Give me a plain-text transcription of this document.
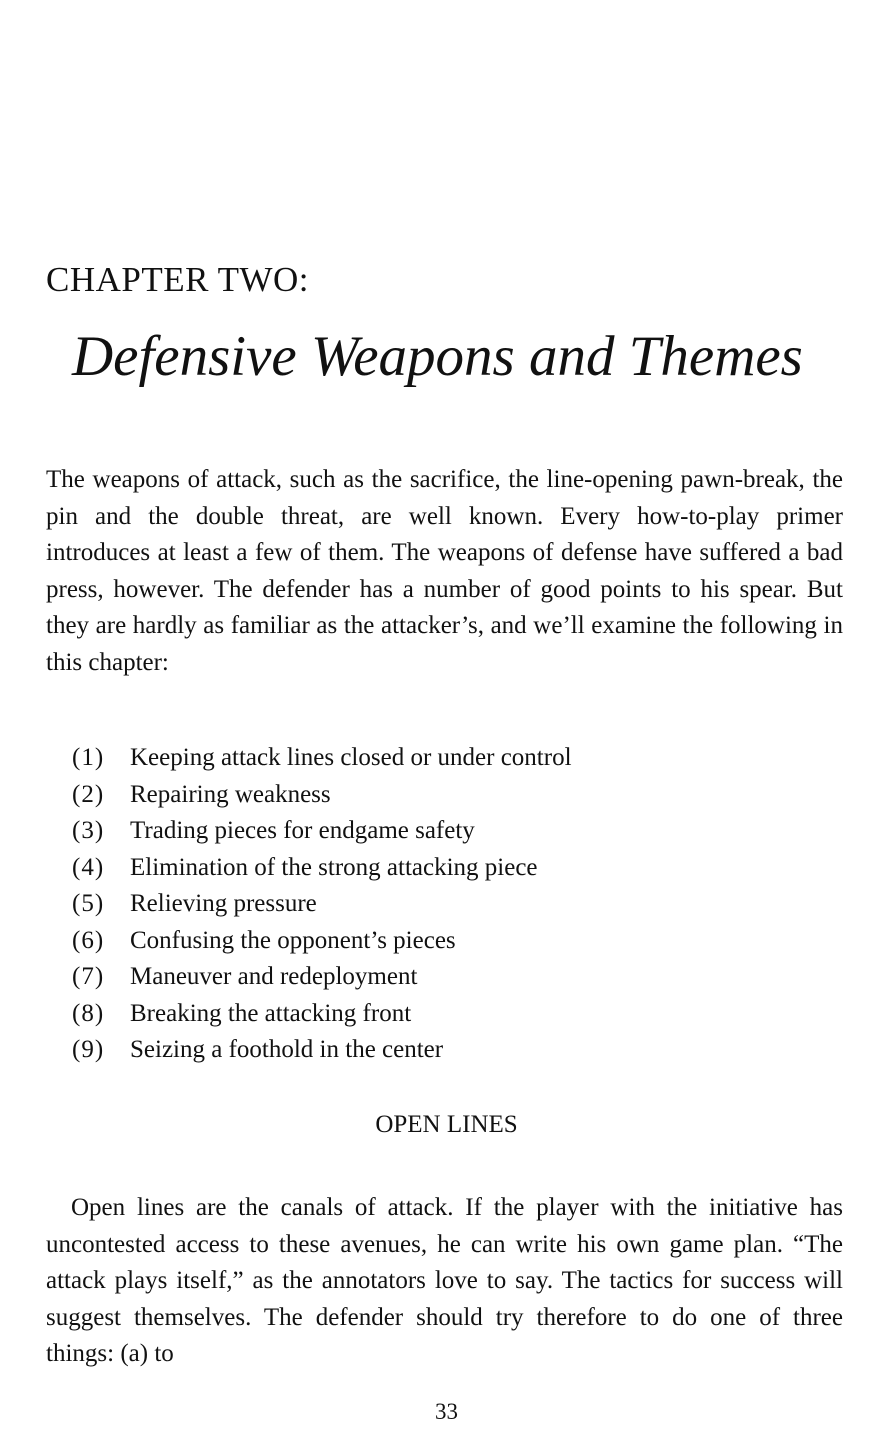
CHAPTER TWO:
Defensive Weapons and Themes

The weapons of attack, such as the sacrifice, the line-opening pawn-break, the pin and the double threat, are well known. Every how-to-play primer introduces at least a few of them. The weapons of defense have suffered a bad press, however. The defender has a number of good points to his spear. But they are hardly as familiar as the attacker’s, and we’ll examine the following in this chapter:

(1)	Keeping attack lines closed or under control
(2)	Repairing weakness
(3)	Trading pieces for endgame safety
(4)	Elimination of the strong attacking piece
(5)	Relieving pressure
(6)	Confusing the opponent’s pieces
(7)	Maneuver and redeployment
(8)	Breaking the attacking front
(9)	Seizing a foothold in the center
OPEN LINES

Open lines are the canals of attack. If the player with the initiative has uncontested access to these avenues, he can write his own game plan. “The attack plays itself,” as the annotators love to say. The tactics for success will suggest themselves. The defender should try therefore to do one of three things: (a) to

33
